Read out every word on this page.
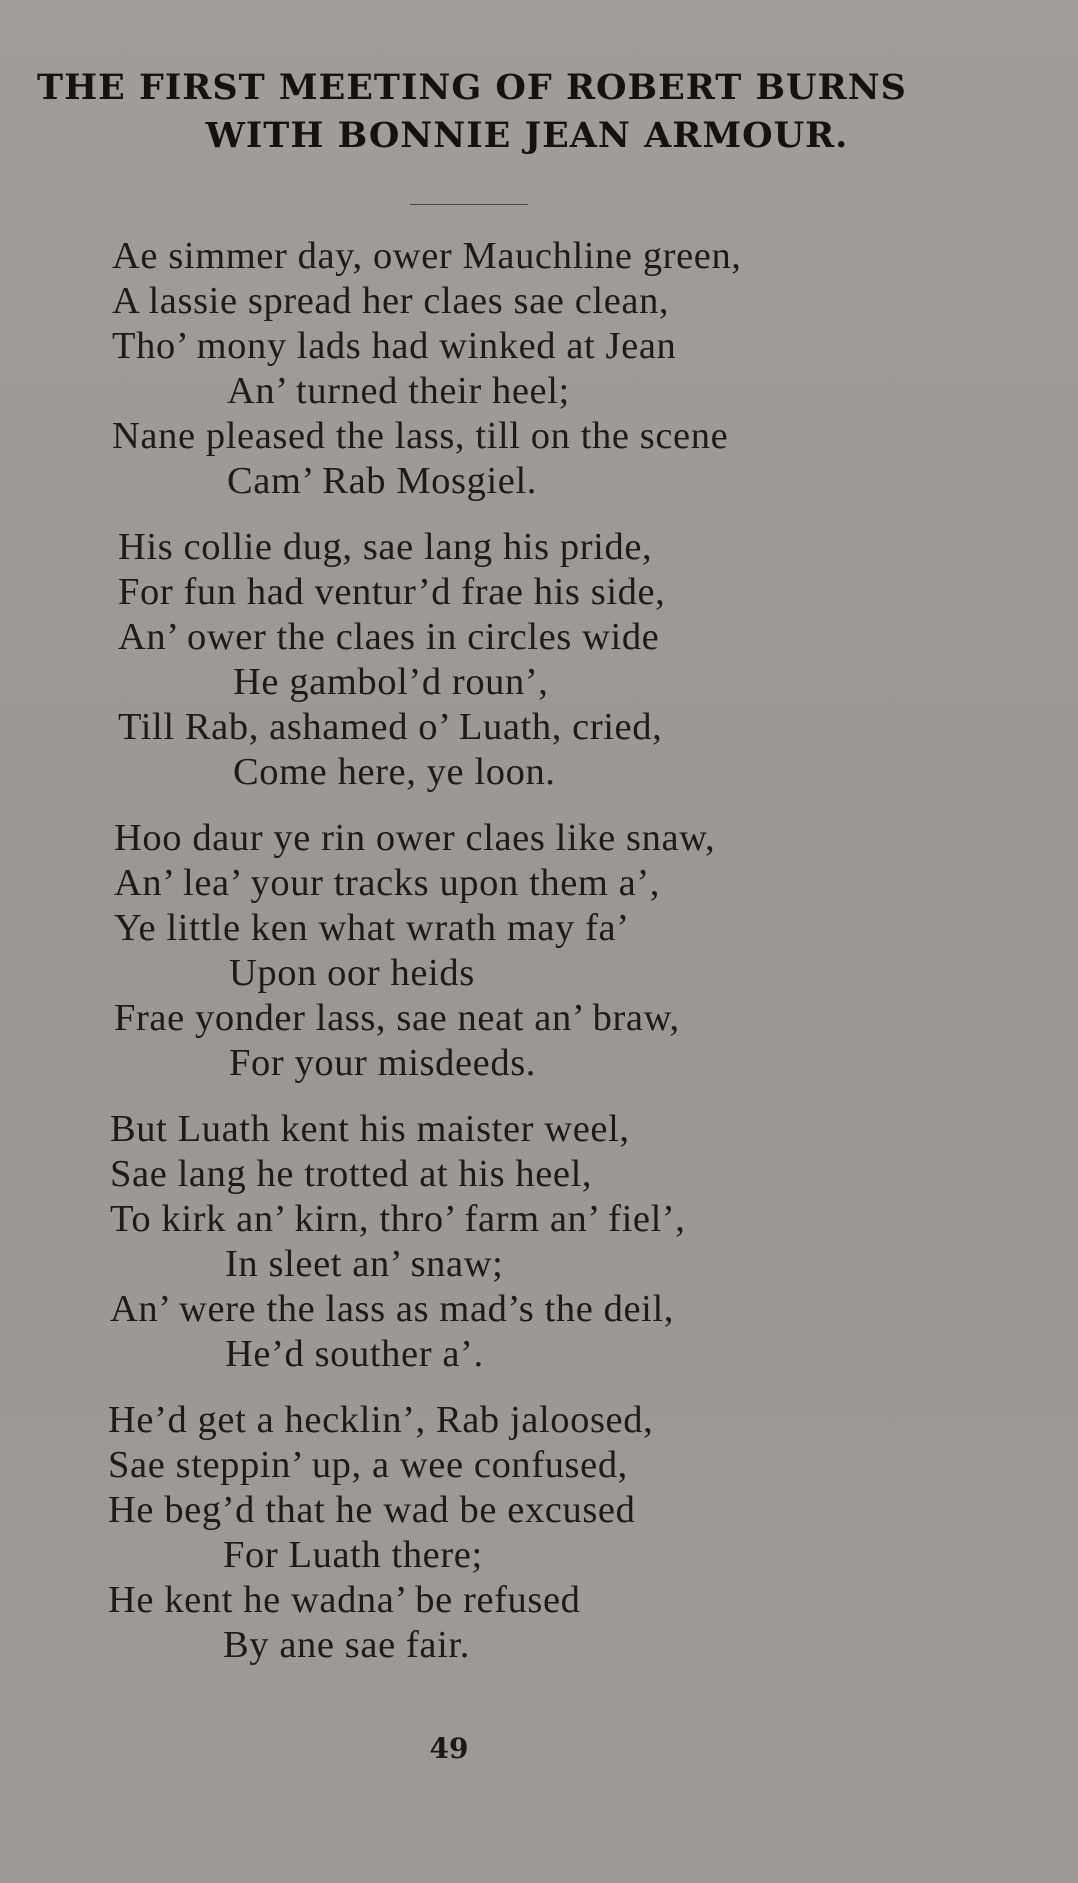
THE FIRST MEETING OF ROBERT BURNS
WITH BONNIE JEAN ARMOUR.
Ae simmer day, ower Mauchline green,
A lassie spread her claes sae clean,
Tho’ mony lads had winked at Jean
An’ turned their heel;
Nane pleased the lass, till on the scene
Cam’ Rab Mosgiel.
His collie dug, sae lang his pride,
For fun had ventur’d frae his side,
An’ ower the claes in circles wide
He gambol’d roun’,
Till Rab, ashamed o’ Luath, cried,
Come here, ye loon.
Hoo daur ye rin ower claes like snaw,
An’ lea’ your tracks upon them a’,
Ye little ken what wrath may fa’
Upon oor heids
Frae yonder lass, sae neat an’ braw,
For your misdeeds.
But Luath kent his maister weel,
Sae lang he trotted at his heel,
To kirk an’ kirn, thro’ farm an’ fiel’,
In sleet an’ snaw;
An’ were the lass as mad’s the deil,
He’d souther a’.
He’d get a hecklin’, Rab jaloosed,
Sae steppin’ up, a wee confused,
He beg’d that he wad be excused
For Luath there;
He kent he wadna’ be refused
By ane sae fair.
49
